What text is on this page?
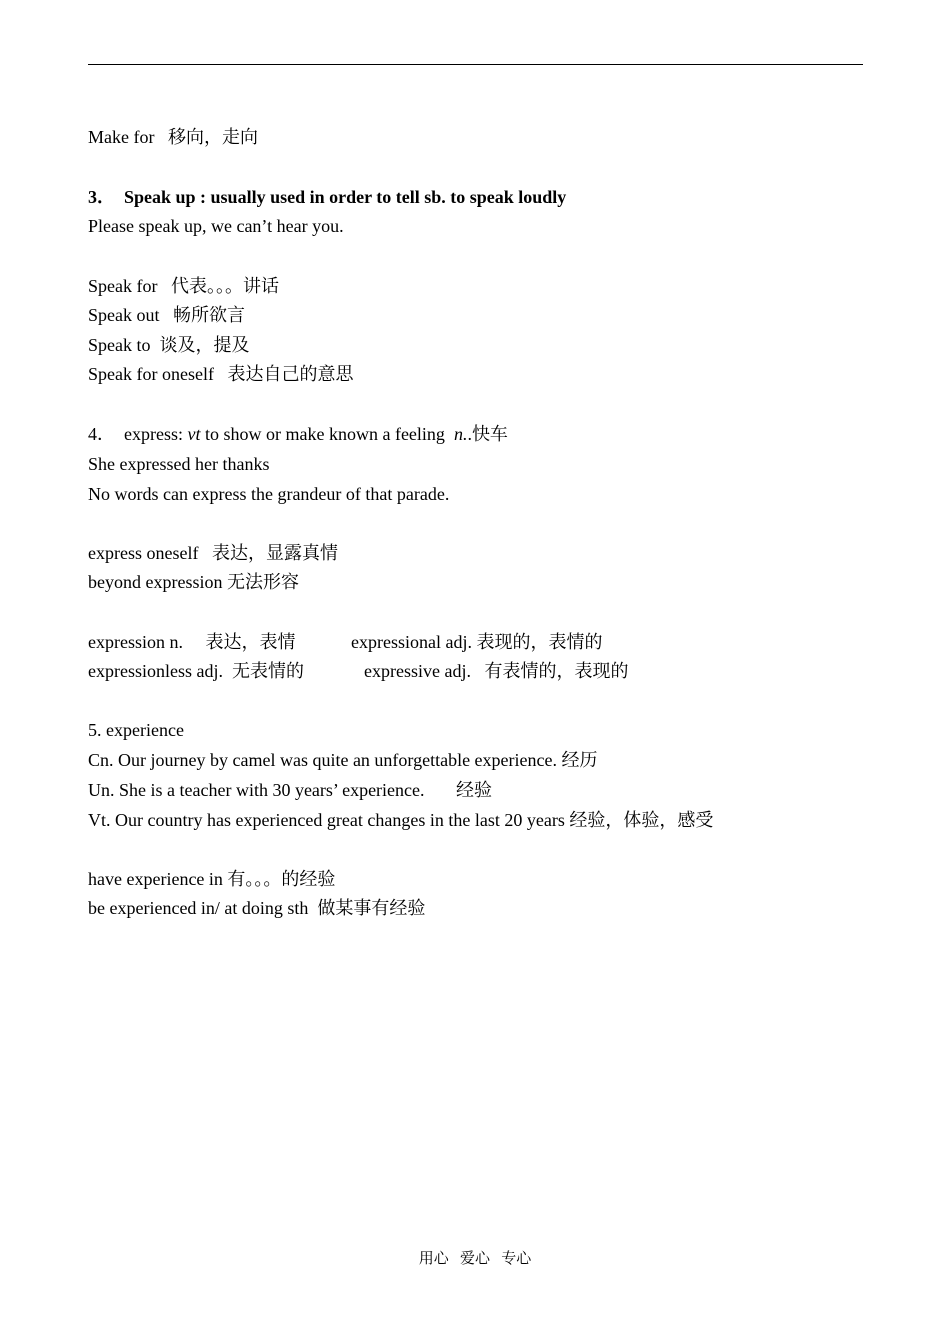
Make for   移向，走向
3．  Speak up : usually used in order to tell sb. to speak loudly
Please speak up, we can’t hear you.
Speak for   代表。。。讲话
Speak out   畅所欲言
Speak to  谈及，提及
Speak for oneself   表达自己的意思
4．  express: vt to show or make known a feeling  n..快车
She expressed her thanks
No words can express the grandeur of that parade.
express oneself   表达，显露真情
beyond expression 无法形容
expression n.     表达，表情	expressional adj. 表现的，表情的
expressionless adj.  无表情的	expressive adj.   有表情的，表现的
5. experience
Cn. Our journey by camel was quite an unforgettable experience. 经历
Un. She is a teacher with 30 years’ experience.       经验
Vt. Our country has experienced great changes in the last 20 years 经验，体验，感受
have experience in 有。。。的经验
be experienced in/ at doing sth  做某事有经验
用心   爱心   专心
